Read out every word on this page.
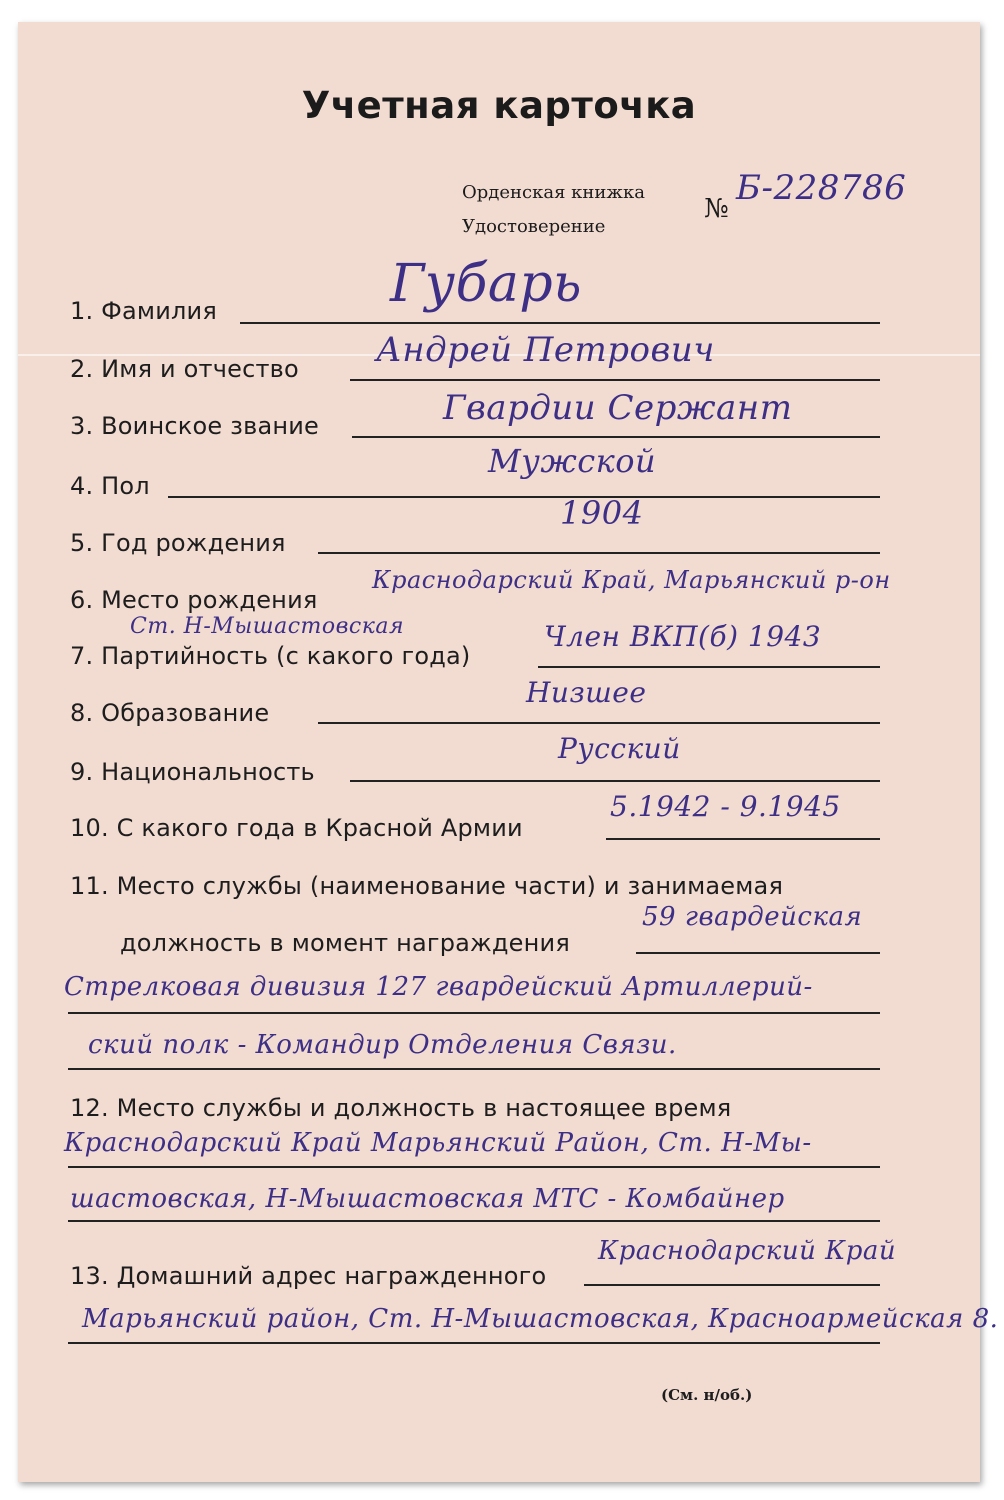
Учетная карточка
Орденская книжка
Удостоверение
№
Б-228786
1. Фамилия	Губарь
2. Имя и отчество Андрей Петрович
3. Воинское звание	Гвардии Сержант
4. Пол
Мужской
5. Год рождения
1904
6. Место рождения
Краснодарский Край, Марьянский р-он
Ст. Н-Мышастовская
7. Партийность (с какого года)
Член ВКП(б) 1943
8. Образование
Низшее
9. Национальность
Русский
10. С какого года в Красной Армии
5.1942 - 9.1945
11. Место службы (наименование части) и занимаемая
должность в момент награждения
59 гвардейская
Стрелковая дивизия 127 гвардейский Артиллерий-
ский полк - Командир Отделения Связи.
12. Место службы и должность в настоящее время
Краснодарский Край Марьянский Район, Ст. Н-Мы-
шастовская, Н-Мышастовская МТС - Комбайнер
13. Домашний адрес награжденного
Краснодарский Край
Марьянский район, Ст. Н-Мышастовская, Красноармейская 8.
(См. н/об.)
